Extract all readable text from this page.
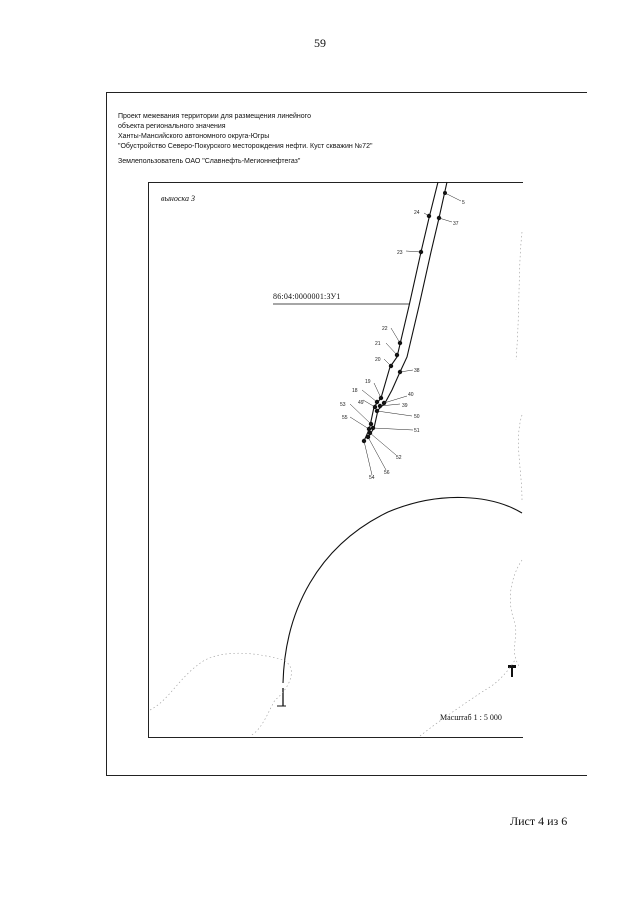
59
Проект межевания территории для размещения линейного
объекта регионального значения
Ханты-Мансийского автономного округа-Югры
"Обустройство Северо-Покурского месторождения нефти. Куст скважин №72"
Землепользователь ОАО "Славнефть-Мегионнефтегаз"
выноска 3
86:04:0000001:ЗУ1
5
24
37
23
22
21
20
38
19
18
40
49	39
53
50
55
51
52
56
54
Масштаб 1 : 5 000
Лист 4 из 6
